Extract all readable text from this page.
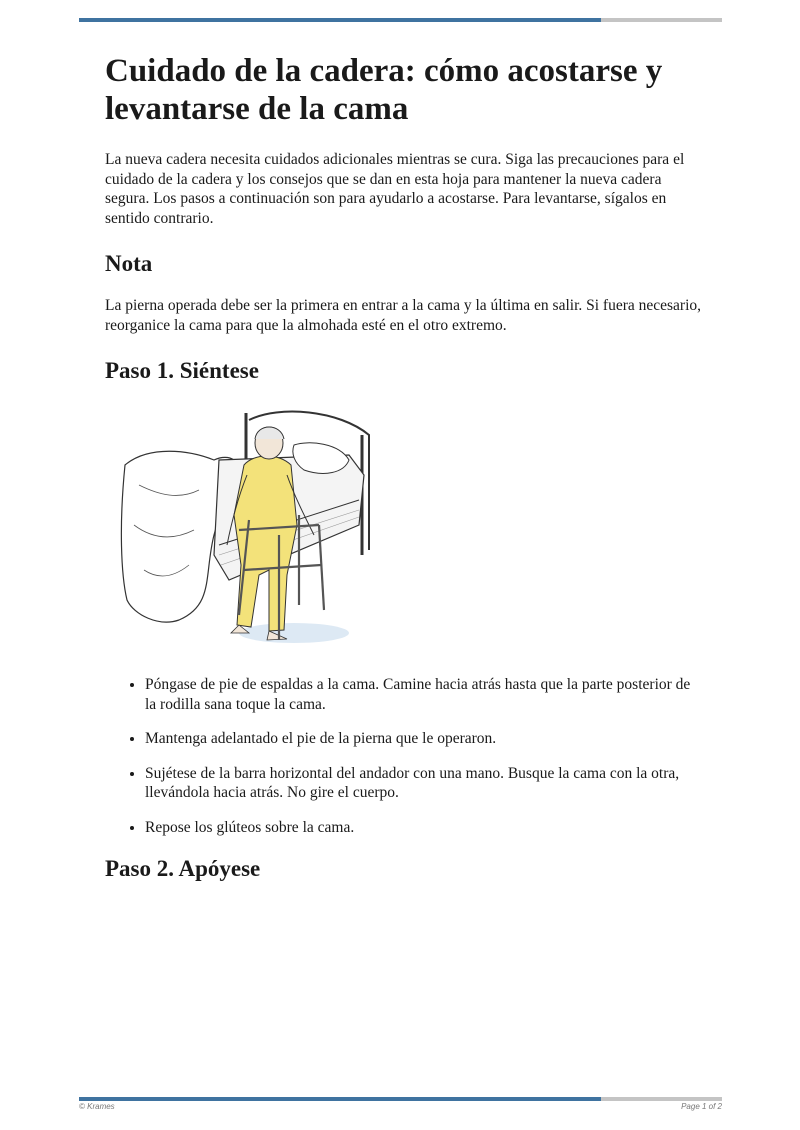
Cuidado de la cadera: cómo acostarse y levantarse de la cama

La nueva cadera necesita cuidados adicionales mientras se cura. Siga las precauciones para el cuidado de la cadera y los consejos que se dan en esta hoja para mantener la nueva cadera segura. Los pasos a continuación son para ayudarlo a acostarse. Para levantarse, sígalos en sentido contrario.

Nota

La pierna operada debe ser la primera en entrar a la cama y la última en salir. Si fuera necesario, reorganice la cama para que la almohada esté en el otro extremo.

Paso 1. Siéntese
• Póngase de pie de espaldas a la cama. Camine hacia atrás hasta que la parte posterior de la rodilla sana toque la cama.
• Mantenga adelantado el pie de la pierna que le operaron.
• Sujétese de la barra horizontal del andador con una mano. Busque la cama con la otra, llevándola hacia atrás. No gire el cuerpo.
• Repose los glúteos sobre la cama.
Paso 2. Apóyese
© Krames	Page 1 of 2
